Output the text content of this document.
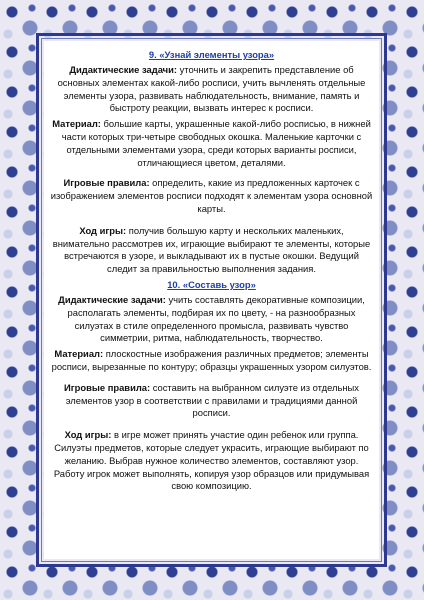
9. «Узнай элементы узора»

Дидактические задачи: уточнить и закрепить представление об основных элементах какой-либо росписи, учить вычленять отдельные элементы узора, развивать наблюдательность, внимание, память и быстроту реакции, вызвать интерес к росписи.

Материал: большие карты, украшенные какой-либо росписью, в нижней части которых три-четыре свободных окошка. Маленькие карточки с отдельными элементами узора, среди которых варианты росписи, отличающиеся цветом, деталями.

Игровые правила: определить, какие из предложенных карточек с изображением элементов росписи подходят к элементам узора основной карты.

Ход игры: получив большую карту и нескольких маленьких, внимательно рассмотрев их, играющие выбирают те элементы, которые встречаются в узоре, и выкладывают их в пустые окошки. Ведущий следит за правильностью выполнения задания.

10. «Составь узор»

Дидактические задачи: учить составлять декоративные композиции, располагать элементы, подбирая их по цвету, - на разнообразных силуэтах в стиле определенного промысла, развивать чувство симметрии, ритма, наблюдательность, творчество.

Материал: плоскостные изображения различных предметов; элементы росписи, вырезанные по контуру; образцы украшенных узором силуэтов.

Игровые правила: составить на выбранном силуэте из отдельных элементов узор в соответствии с правилами и традициями данной росписи.

Ход игры: в игре может принять участие один ребенок или группа. Силуэты предметов, которые следует украсить, играющие выбирают по желанию. Выбрав нужное количество элементов, составляют узор. Работу игрок может выполнять, копируя узор образцов или придумывая свою композицию.
